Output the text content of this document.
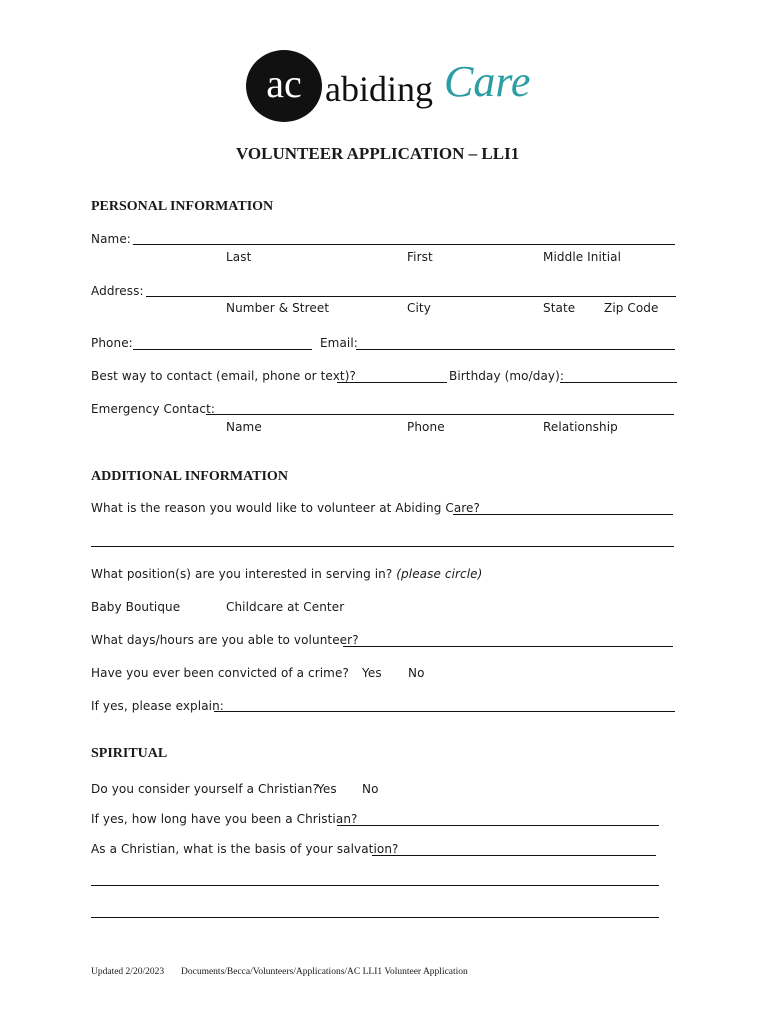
ac abiding Care
VOLUNTEER APPLICATION – LLI1
PERSONAL INFORMATION
Name:
Last	First	Middle Initial
Address:
Number & Street	City	State Zip Code
Phone:	Email:
Best way to contact (email, phone or text)?	Birthday (mo/day):
Emergency Contact:
Name	Phone	Relationship
ADDITIONAL INFORMATION
What is the reason you would like to volunteer at Abiding Care?
What position(s) are you interested in serving in? (please circle)
Baby Boutique	Childcare at Center
What days/hours are you able to volunteer?
Have you ever been convicted of a crime? Yes No
If yes, please explain:
SPIRITUAL
Do you consider yourself a Christian?
Yes No
If yes, how long have you been a Christian?
As a Christian, what is the basis of your salvation?
Updated 2/20/2023 Documents/Becca/Volunteers/Applications/AC LLI1 Volunteer Application
